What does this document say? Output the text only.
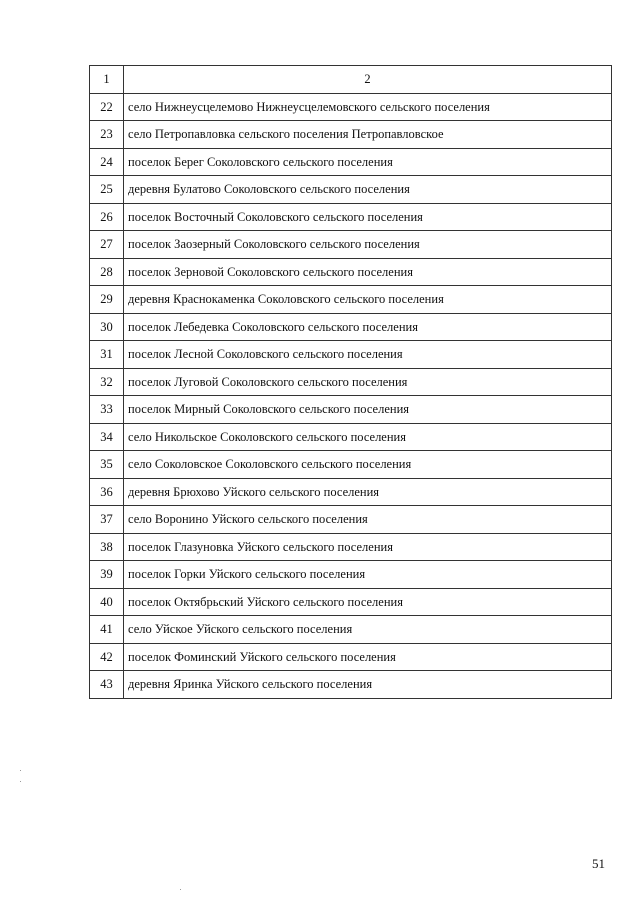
1	2
22	село Нижнеусцелемово Нижнеусцелемовского сельского поселения
23	село Петропавловка сельского поселения Петропавловское
24	поселок Берег Соколовского сельского поселения
25	деревня Булатово Соколовского сельского поселения
26	поселок Восточный Соколовского сельского поселения
27	поселок Заозерный Соколовского сельского поселения
28	поселок Зерновой Соколовского сельского поселения
29	деревня Краснокаменка Соколовского сельского поселения
30	поселок Лебедевка Соколовского сельского поселения
31	поселок Лесной Соколовского сельского поселения
32	поселок Луговой Соколовского сельского поселения
33	поселок Мирный Соколовского сельского поселения
34	село Никольское Соколовского сельского поселения
35	село Соколовское Соколовского сельского поселения
36	деревня Брюхово Уйского сельского поселения
37	село Воронино Уйского сельского поселения
38	поселок Глазуновка Уйского сельского поселения
39	поселок Горки Уйского сельского поселения
40	поселок Октябрьский Уйского сельского поселения
41	село Уйское Уйского сельского поселения
42	поселок Фоминский Уйского сельского поселения
43	деревня Яринка Уйского сельского поселения
51
